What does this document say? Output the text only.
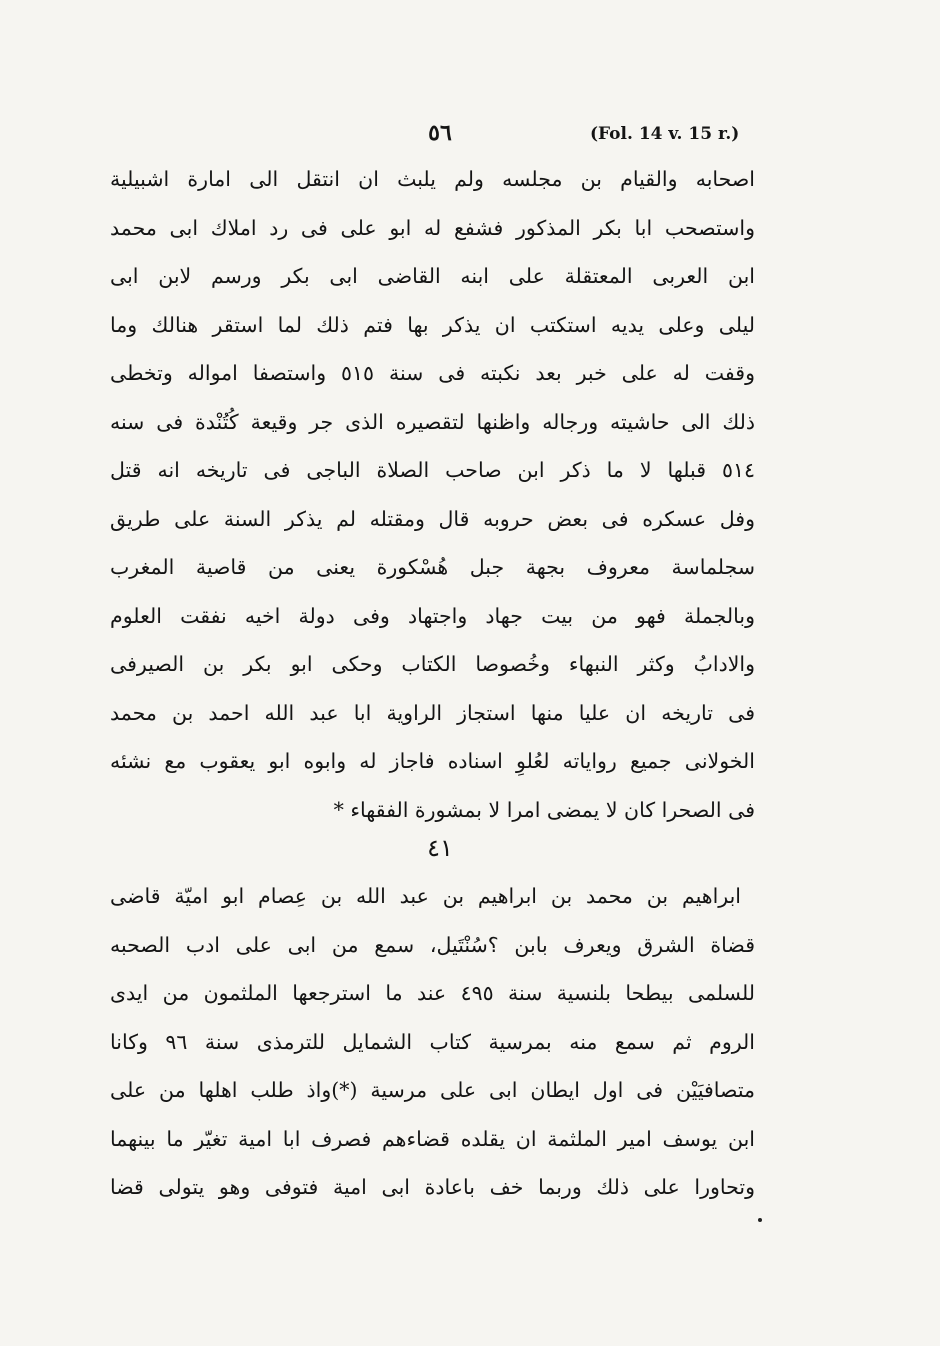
٥٦	(Fol. 14 v. 15 r.)
اصحابه والقيام بن مجلسه ولم يلبث ان انتقل الى امارة اشبيلية
واستصحب ابا بكر المذكور فشفع له ابو على فى رد املاك ابى محمد
ابن العربى المعتقلة على ابنه القاضى ابى بكر ورسم لابن ابى
ليلى وعلى يديه استكتب ان يذكر بها فتم ذلك لما استقر هنالك وما
وقفت له على خبر بعد نكبته فى سنة ٥١٥ واستصفا امواله وتخطى
ذلك الى حاشيته ورجاله واظنها لتقصيره الذى جر وقيعة كُتُنْدة فى سنه
٥١٤ قبلها لا ما ذكر ابن صاحب الصلاة الباجى فى تاريخه انه قتل
وفل عسكره فى بعض حروبه قال ومقتله لم يذكر السنة على طريق
سجلماسة معروف بجهة جبل هُسْكورة يعنى من قاصية المغرب
وبالجملة فهو من بيت جهاد واجتهاد وفى دولة اخيه نفقت العلوم
والادابُ وكثر النبهاء وخُصوصا الكتاب وحكى ابو بكر بن الصيرفى
فى تاريخه ان عليا منها استجاز الراوية ابا عبد الله احمد بن محمد
الخولانى جميع رواياته لعُلوِ اسناده فاجاز له وابوه ابو يعقوب مع نشئه
فى الصحرا كان لا يمضى امرا لا بمشورة الفقهاء *
٤١
ابراهيم بن محمد بن ابراهيم بن عبد الله بن عِصام ابو اميّة قاضى
قضاة الشرق ويعرف بابن ؟سُنْتَيل، سمع من ابى على ادب الصحبه
للسلمى بيطحا بلنسية سنة ٤٩٥ عند ما استرجعها الملثمون من ايدى
الروم ثم سمع منه بمرسية كتاب الشمايل للترمذى سنة ٩٦ وكانا
متصافيَيْن فى اول ايطان ابى على مرسية (*)واذ طلب اهلها من على
ابن يوسف امير الملثمة ان يقلده قضاءهم فصرف ابا امية تغيّر ما بينهما
وتحاورا على ذلك وربما خف باعادة ابى امية فتوفى وهو يتولى قضا
